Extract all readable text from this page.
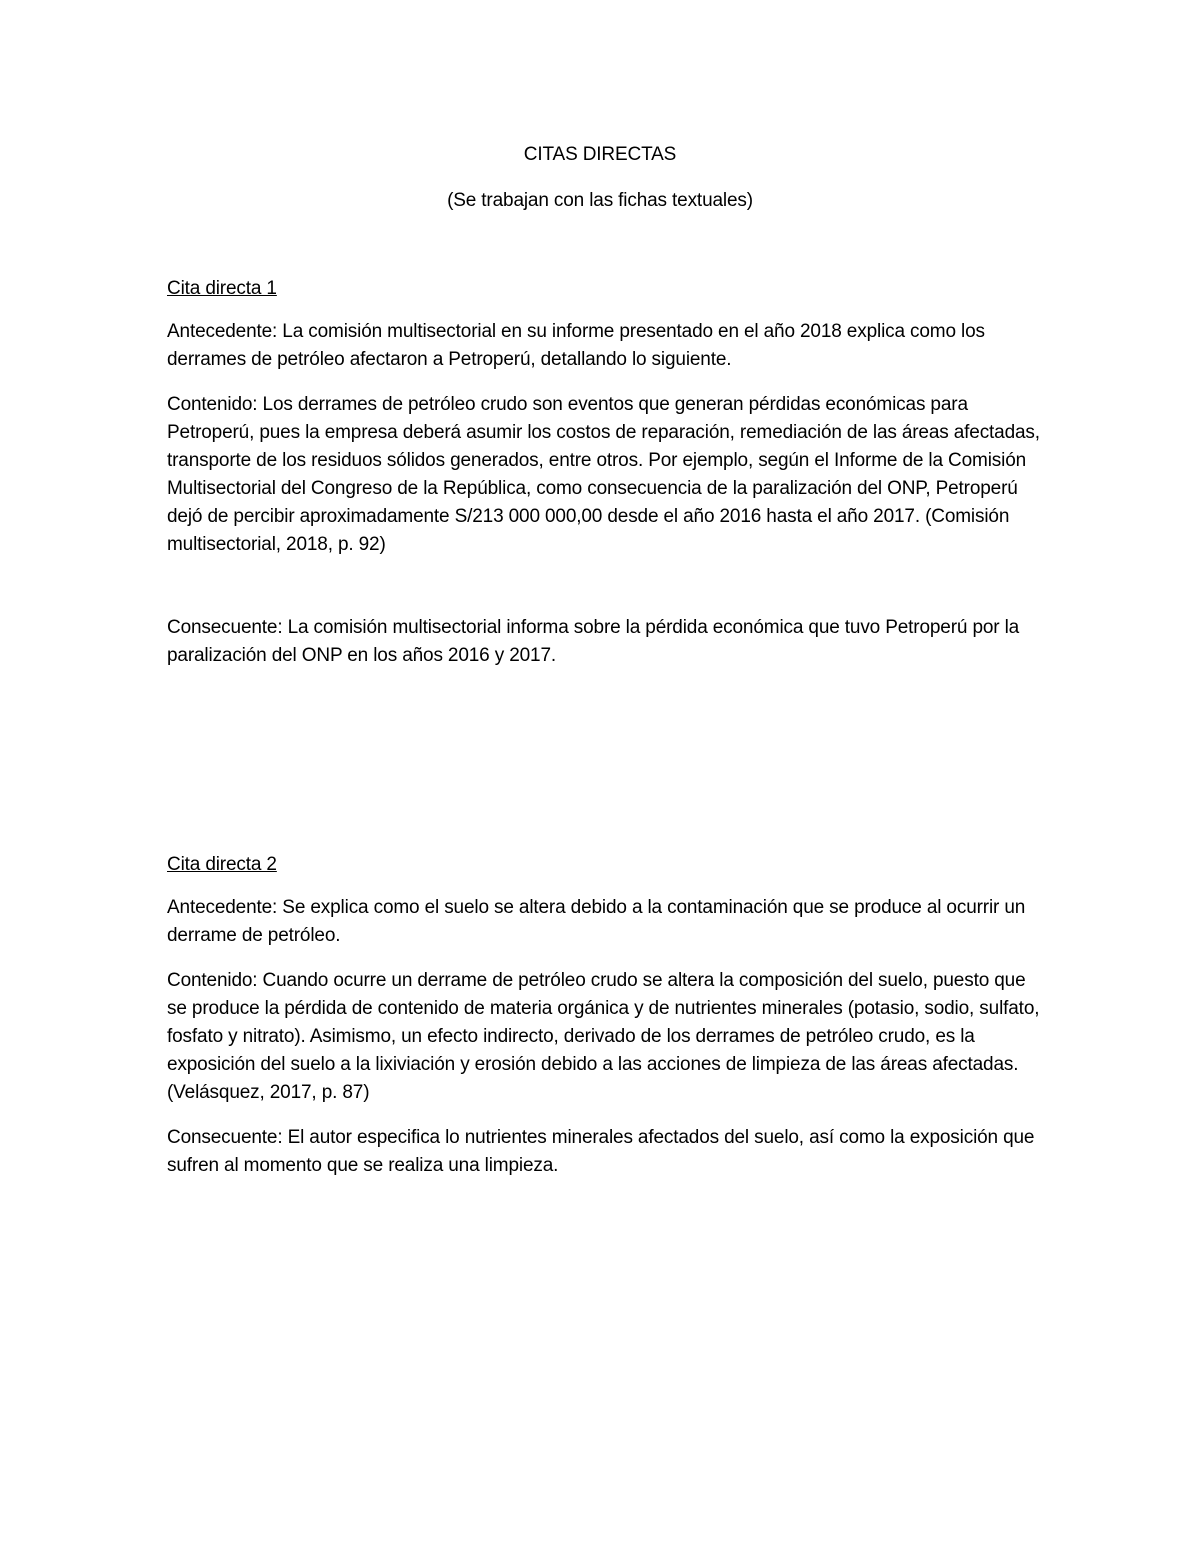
CITAS DIRECTAS

(Se trabajan con las fichas textuales)

Cita directa 1

Antecedente: La comisión multisectorial en su informe presentado en el año 2018 explica como los derrames de petróleo afectaron a Petroperú, detallando lo siguiente.

Contenido: Los derrames de petróleo crudo son eventos que generan pérdidas económicas para Petroperú, pues la empresa deberá asumir los costos de reparación, remediación de las áreas afectadas, transporte de los residuos sólidos generados, entre otros. Por ejemplo, según el Informe de la Comisión Multisectorial del Congreso de la República, como consecuencia de la paralización del ONP, Petroperú dejó de percibir aproximadamente S/213 000 000,00 desde el año 2016 hasta el año 2017. (Comisión multisectorial, 2018, p. 92)

Consecuente: La comisión multisectorial informa sobre la pérdida económica que tuvo Petroperú por la paralización del ONP en los años 2016 y 2017.

Cita directa 2

Antecedente: Se explica como el suelo se altera debido a la contaminación que se produce al ocurrir un derrame de petróleo.

Contenido: Cuando ocurre un derrame de petróleo crudo se altera la composición del suelo, puesto que se produce la pérdida de contenido de materia orgánica y de nutrientes minerales (potasio, sodio, sulfato, fosfato y nitrato). Asimismo, un efecto indirecto, derivado de los derrames de petróleo crudo, es la exposición del suelo a la lixiviación y erosión debido a las acciones de limpieza de las áreas afectadas. (Velásquez, 2017, p. 87)

Consecuente: El autor especifica lo nutrientes minerales afectados del suelo, así como la exposición que sufren al momento que se realiza una limpieza.
